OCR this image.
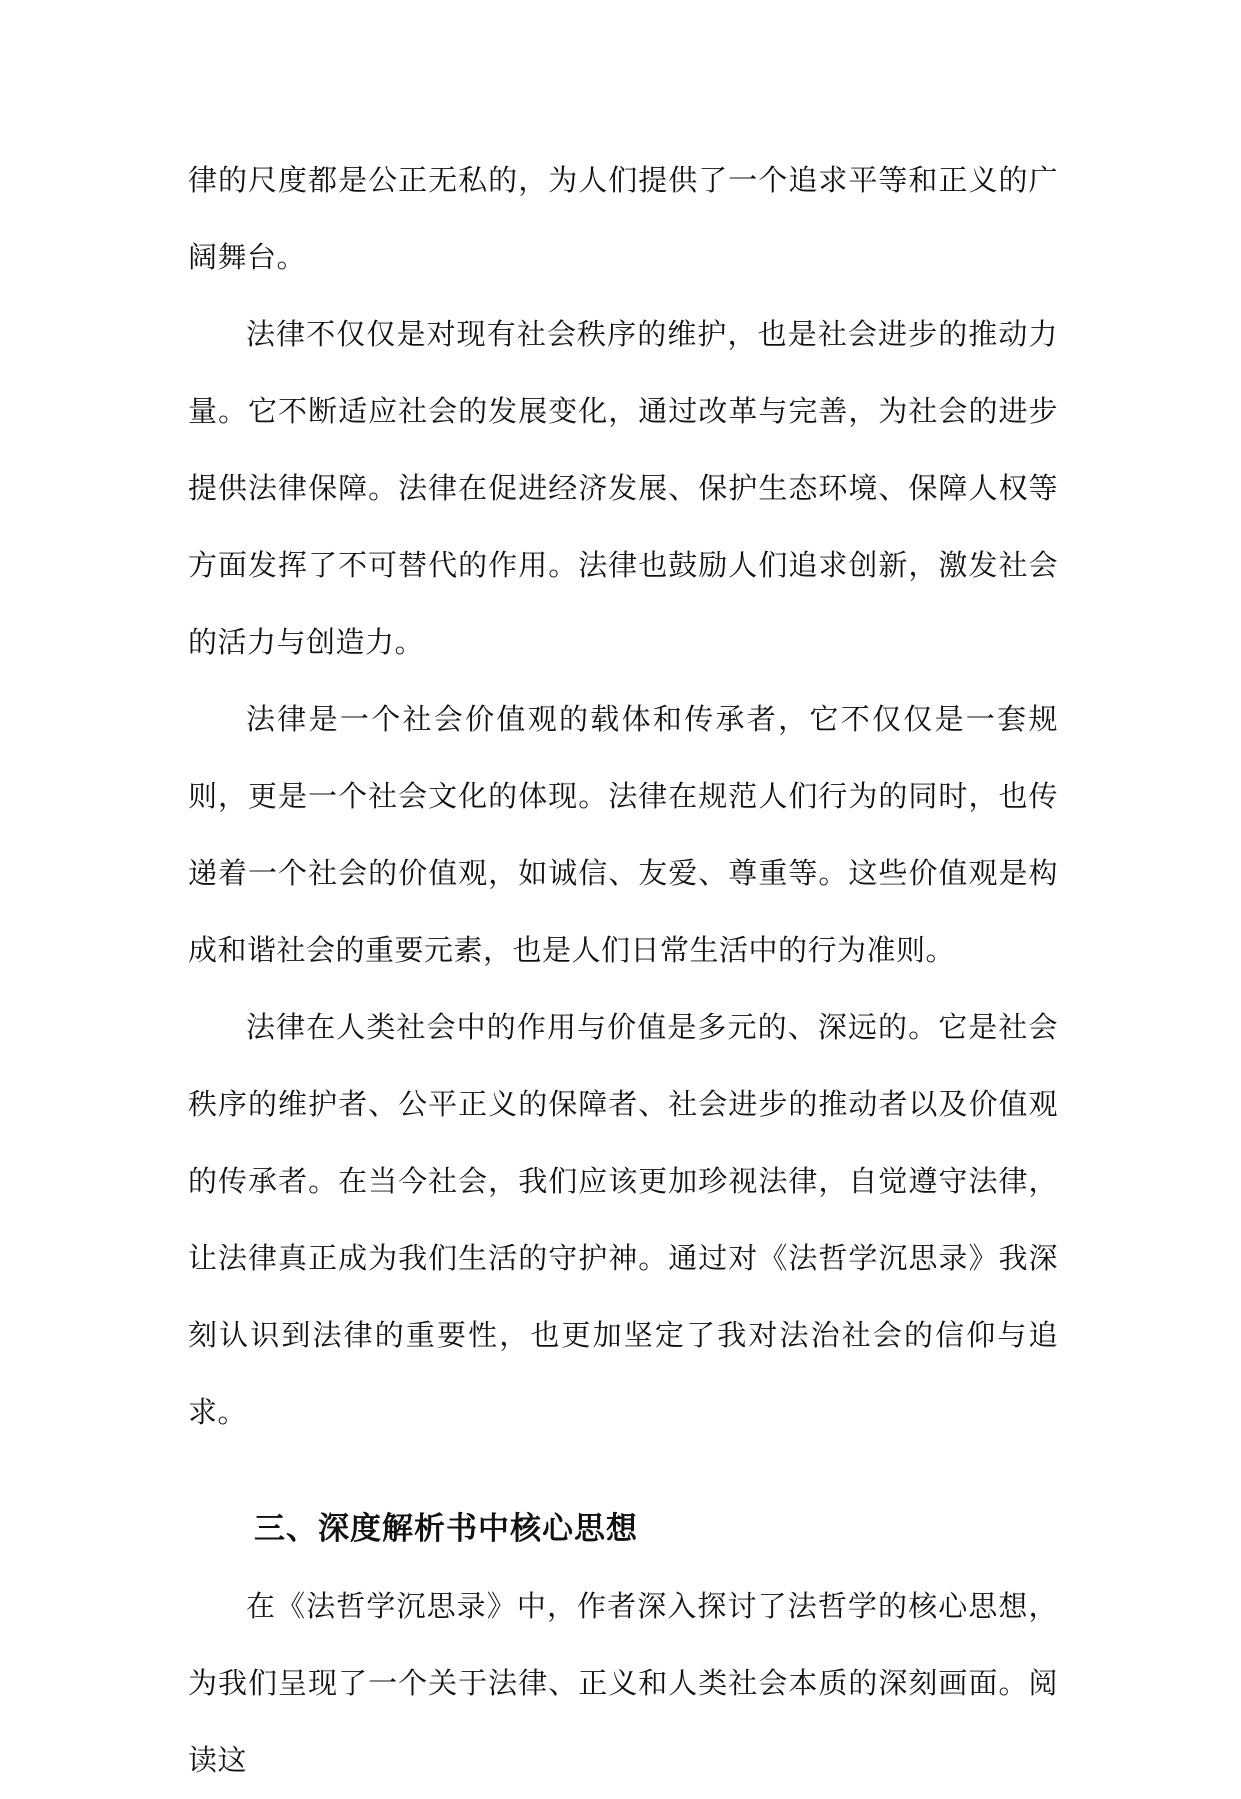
律的尺度都是公正无私的，为人们提供了一个追求平等和正义的广阔舞台。

法律不仅仅是对现有社会秩序的维护，也是社会进步的推动力量。它不断适应社会的发展变化，通过改革与完善，为社会的进步提供法律保障。法律在促进经济发展、保护生态环境、保障人权等方面发挥了不可替代的作用。法律也鼓励人们追求创新，激发社会的活力与创造力。

法律是一个社会价值观的载体和传承者，它不仅仅是一套规则，更是一个社会文化的体现。法律在规范人们行为的同时，也传递着一个社会的价值观，如诚信、友爱、尊重等。这些价值观是构成和谐社会的重要元素，也是人们日常生活中的行为准则。

法律在人类社会中的作用与价值是多元的、深远的。它是社会秩序的维护者、公平正义的保障者、社会进步的推动者以及价值观的传承者。在当今社会，我们应该更加珍视法律，自觉遵守法律，让法律真正成为我们生活的守护神。通过对《法哲学沉思录》我深刻认识到法律的重要性，也更加坚定了我对法治社会的信仰与追求。

三、深度解析书中核心思想

在《法哲学沉思录》中，作者深入探讨了法哲学的核心思想，为我们呈现了一个关于法律、正义和人类社会本质的深刻画面。阅读这
